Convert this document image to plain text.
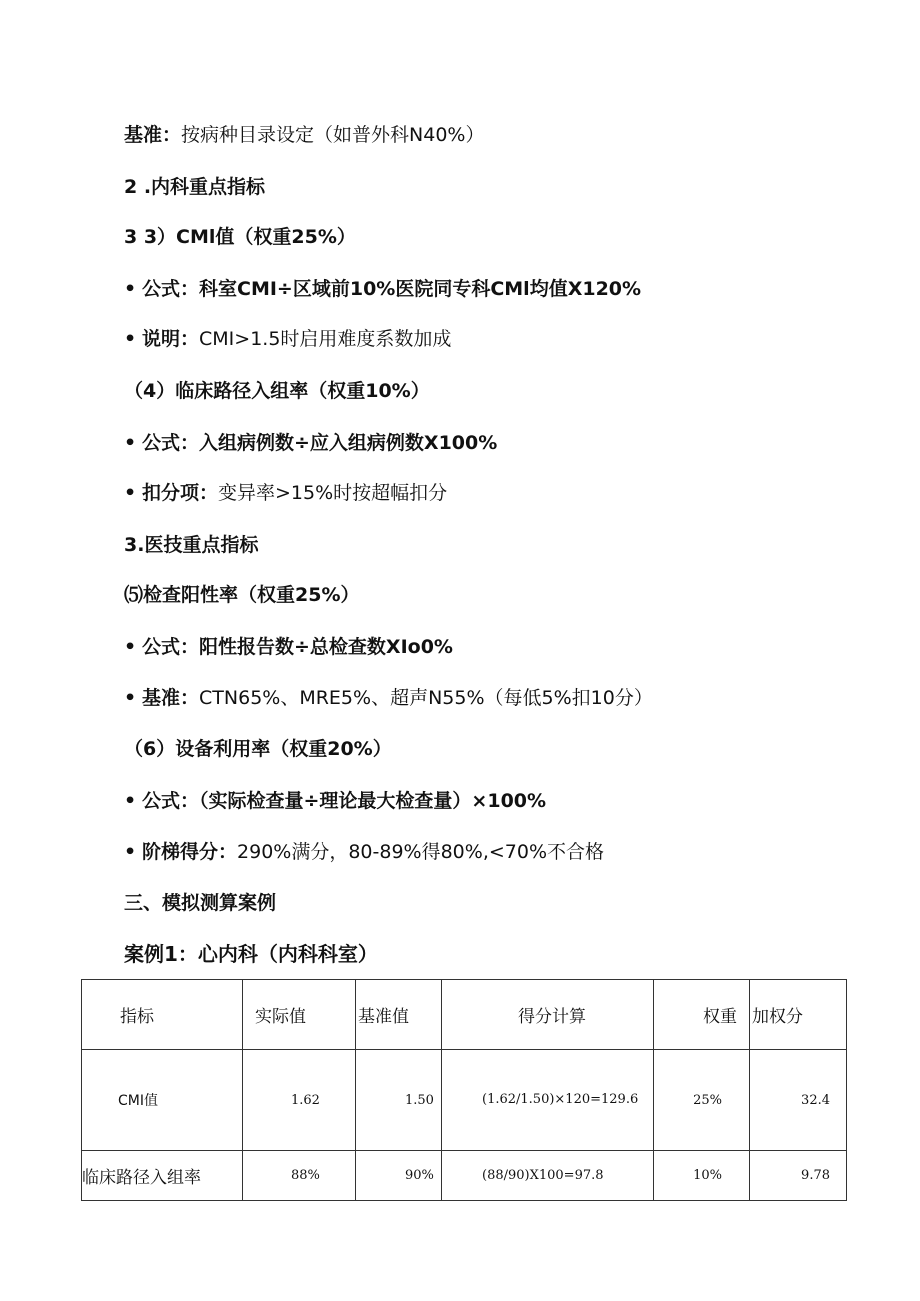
基准：按病种目录设定（如普外科N40%）
2 .内科重点指标
3 3）CMl值（权重25%）
• 公式：科室CMI÷区域前10%医院同专科CMl均值X120%
• 说明：CMI>1.5时启用难度系数加成
（4）临床路径入组率（权重10%）
• 公式：入组病例数÷应入组病例数X100%
• 扣分项：变异率>15%时按超幅扣分
3.医技重点指标
⑸检查阳性率（权重25%）
• 公式：阳性报告数÷总检查数XIo0%
• 基准：CTN65%、MRE5%、超声N55%（每低5%扣10分）
（6）设备利用率（权重20%）
• 公式：（实际检查量÷理论最大检查量）×100%
• 阶梯得分：290%满分，80-89%得80%,<70%不合格
三、模拟测算案例
案例1：心内科（内科科室）
指标	实际值	基准值	得分计算	权重	加权分
CMI值	1.62	1.50	(1.62/1.50)×120=129.6	25%	32.4
临床路径入组率	88%	90%	(88/90)X100=97.8	10%	9.78
